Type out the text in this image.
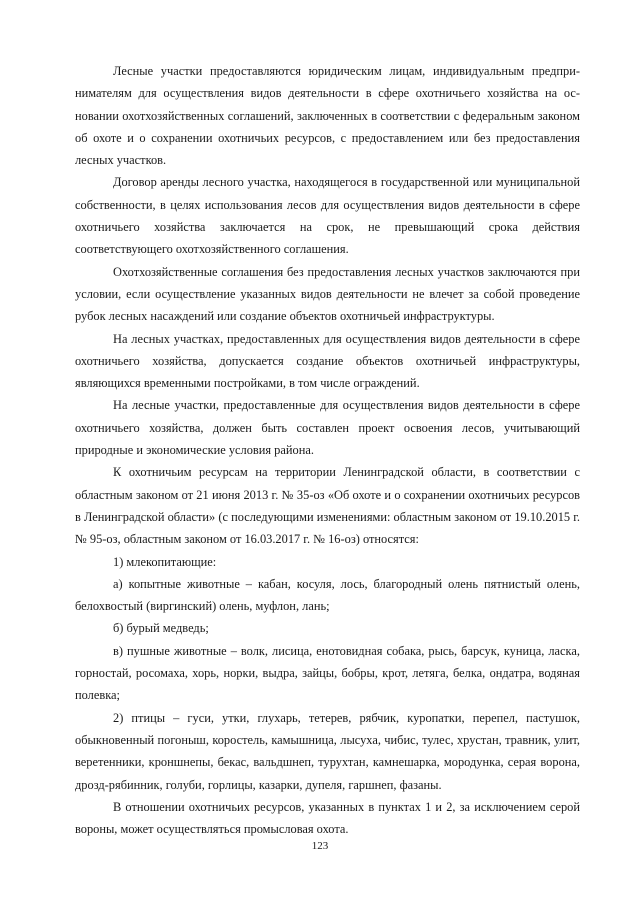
Лесные участки предоставляются юридическим лицам, индивидуальным предпринимателям для осуществления видов деятельности в сфере охотничьего хозяйства на основании охотхозяйственных соглашений, заключенных в соответствии с федеральным законом об охоте и о сохранении охотничьих ресурсов, с предоставлением или без предоставления лесных участков.

Договор аренды лесного участка, находящегося в государственной или муниципальной собственности, в целях использования лесов для осуществления видов деятельности в сфере охотничьего хозяйства заключается на срок, не превышающий срока действия соответствующего охотхозяйственного соглашения.

Охотхозяйственные соглашения без предоставления лесных участков заключаются при условии, если осуществление указанных видов деятельности не влечет за собой проведение рубок лесных насаждений или создание объектов охотничьей инфраструктуры.

На лесных участках, предоставленных для осуществления видов деятельности в сфере охотничьего хозяйства, допускается создание объектов охотничьей инфраструктуры, являющихся временными постройками, в том числе ограждений.

На лесные участки, предоставленные для осуществления видов деятельности в сфере охотничьего хозяйства, должен быть составлен проект освоения лесов, учитывающий природные и экономические условия района.

К охотничьим ресурсам на территории Ленинградской области, в соответствии с областным законом от 21 июня 2013 г. № 35-оз «Об охоте и о сохранении охотничьих ресурсов в Ленинградской области» (с последующими изменениями: областным законом от 19.10.2015 г. № 95-оз, областным законом от 16.03.2017 г. № 16-оз) относятся:

1) млекопитающие:

а) копытные животные – кабан, косуля, лось, благородный олень пятнистый олень, белохвостый (виргинский) олень, муфлон, лань;

б) бурый медведь;

в) пушные животные – волк, лисица, енотовидная собака, рысь, барсук, куница, ласка, горностай, росомаха, хорь, норки, выдра, зайцы, бобры, крот, летяга, белка, ондатра, водяная полевка;

2) птицы – гуси, утки, глухарь, тетерев, рябчик, куропатки, перепел, пастушок, обыкновенный погоныш, коростель, камышница, лысуха, чибис, тулес, хрустан, травник, улит, веретенники, кроншнепы, бекас, вальдшнеп, турухтан, камнешарка, мородунка, серая ворона, дрозд-рябинник, голуби, горлицы, казарки, дупеля, гаршнеп, фазаны.

В отношении охотничьих ресурсов, указанных в пунктах 1 и 2, за исключением серой вороны, может осуществляться промысловая охота.

123
